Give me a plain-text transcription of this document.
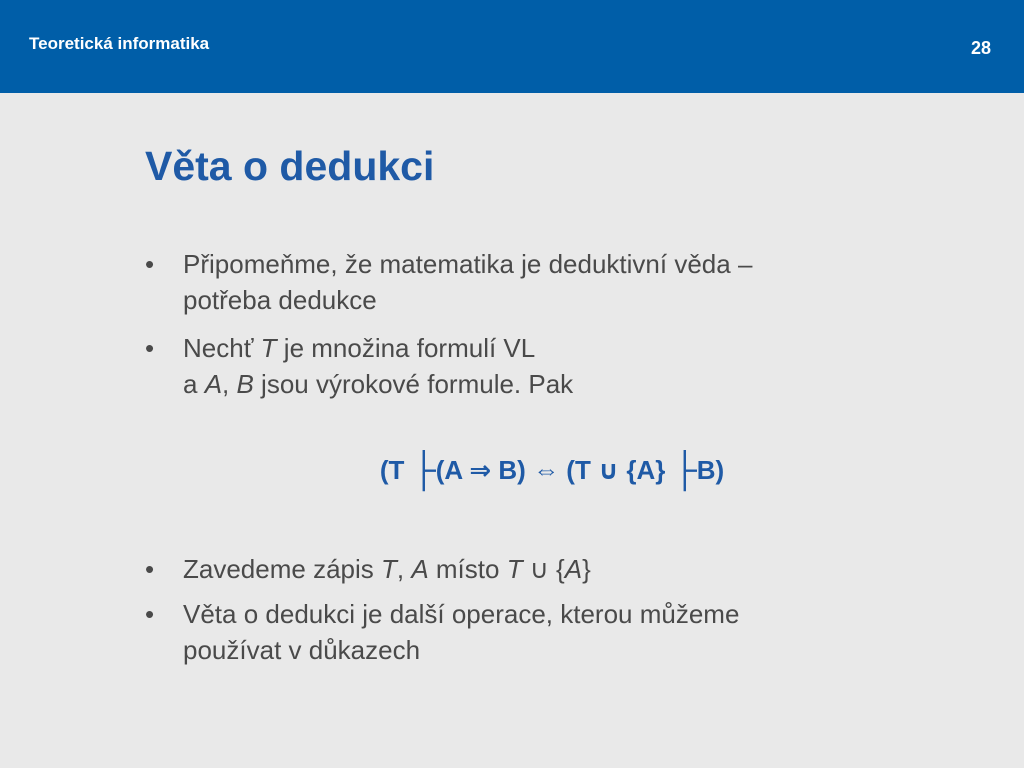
Teoretická informatika	28
Věta o dedukci
• Připomeňme, že matematika je deduktivní věda –
potřeba dedukce
• Nechť T je množina formulí VL
a A, B jsou výrokové formule. Pak
(T ├(A ⇒ B) ⇔ (T ∪ {A} ├B)
• Zavedeme zápis T, A místo T ∪ {A}
• Věta o dedukci je další operace, kterou můžeme
používat v důkazech
